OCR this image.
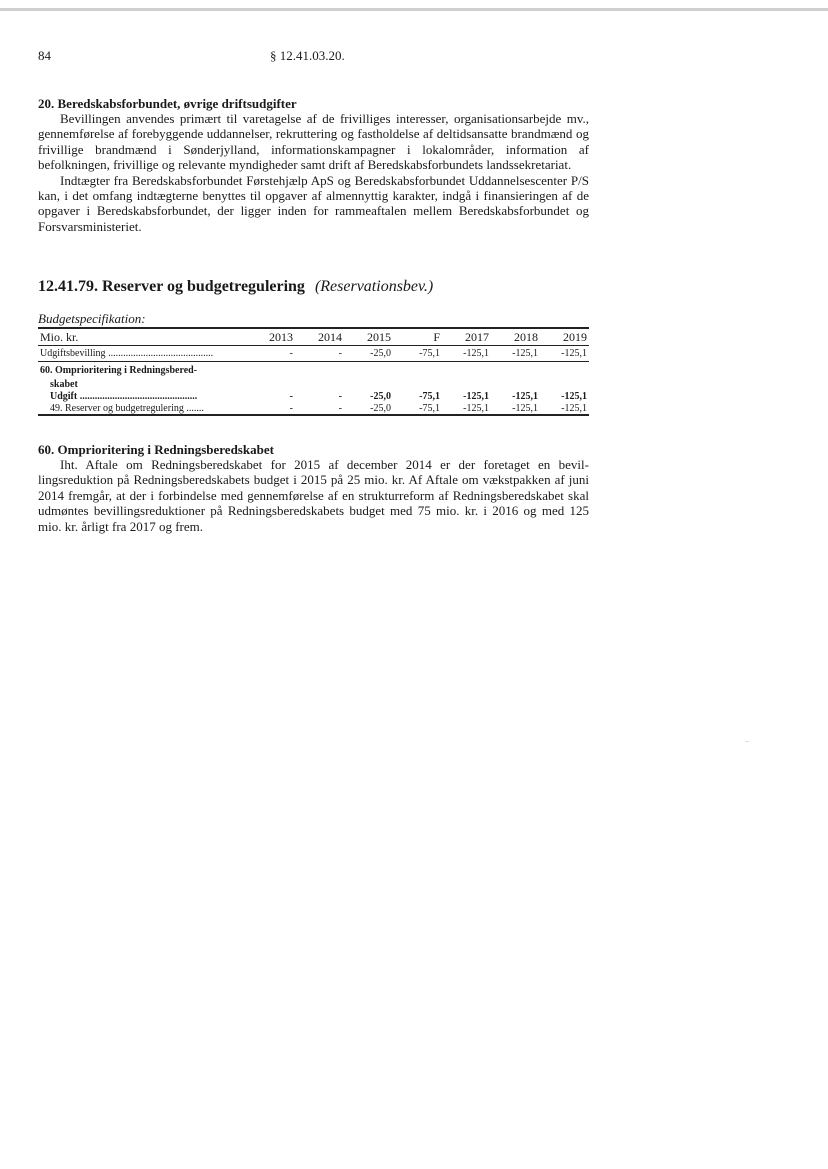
84	§ 12.41.03.20.
20. Beredskabsforbundet, øvrige driftsudgifter

Bevillingen anvendes primært til varetagelse af de frivilliges interesser, organisationsarbejde mv., gennemførelse af forebyggende uddannelser, rekruttering og fastholdelse af deltidsansatte brandmænd og frivillige brandmænd i Sønderjylland, informationskampagner i lokalområder, information af befolkningen, frivillige og relevante myndigheder samt drift af Beredskabsforbundets landssekretariat.

Indtægter fra Beredskabsforbundet Førstehjælp ApS og Beredskabsforbundet Uddannelsescenter P/S kan, i det omfang indtægterne benyttes til opgaver af almennyttig karakter, indgå i finansieringen af de opgaver i Beredskabsforbundet, der ligger inden for rammeaftalen mellem Beredskabsforbundet og Forsvarsministeriet.

12.41.79. Reserver og budgetregulering (Reservationsbev.)
Budgetspecifikation:
Mio. kr.	2013	2014	2015	F	2017	2018	2019
Udgiftsbevilling ..........................................	-	-	-25,0	-75,1	-125,1	-125,1	-125,1
60. Omprioritering i Redningsbered-							
skabet							
Udgift ...............................................	-	-	-25,0	-75,1	-125,1	-125,1	-125,1
49. Reserver og budgetregulering .......	-	-	-25,0	-75,1	-125,1	-125,1	-125,1
60. Omprioritering i Redningsberedskabet

Iht. Aftale om Redningsberedskabet for 2015 af december 2014 er der foretaget en bevillingsreduktion på Redningsberedskabets budget i 2015 på 25 mio. kr. Af Aftale om vækstpakken af juni 2014 fremgår, at der i forbindelse med gennemførelse af en strukturreform af Redningsberedskabet skal udmøntes bevillingsreduktioner på Redningsberedskabets budget med 75 mio. kr. i 2016 og med 125 mio. kr. årligt fra 2017 og frem.
